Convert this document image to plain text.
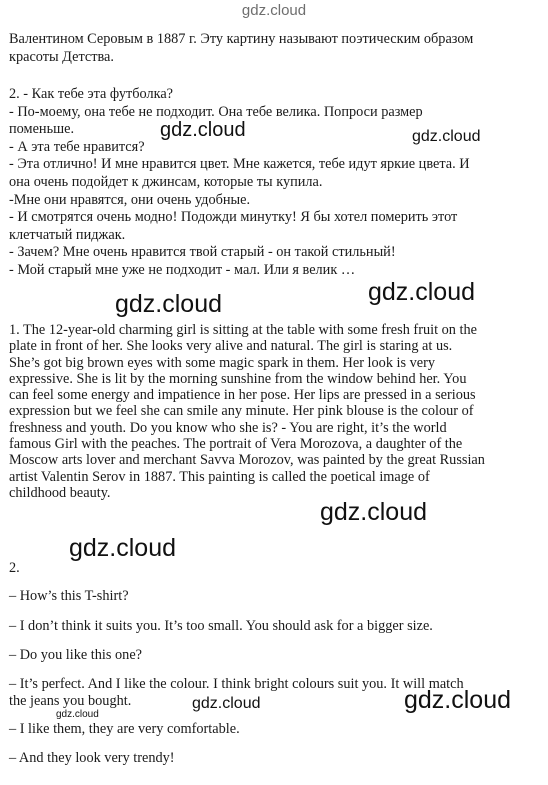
gdz.cloud
Валентином Серовым в 1887 г. Эту картину называют поэтическим образом
красоты Детства.
2. - Как тебе эта футболка?
- По-моему, она тебе не подходит. Она тебе велика. Попроси размер
поменьше.
- А эта тебе нравится?
- Эта отлично! И мне нравится цвет. Мне кажется, тебе идут яркие цвета. И
она очень подойдет к джинсам, которые ты купила.
-Мне они нравятся, они очень удобные.
- И смотрятся очень модно! Подожди минутку! Я бы хотел померить этот
клетчатый пиджак.
- Зачем? Мне очень нравится твой старый - он такой стильный!
- Мой старый мне уже не подходит - мал. Или я велик …
1. The 12-year-old charming girl is sitting at the table with some fresh fruit on the
plate in front of her. She looks very alive and natural. The girl is staring at us.
She’s got big brown eyes with some magic spark in them. Her look is very
expressive. She is lit by the morning sunshine from the window behind her. You
can feel some energy and impatience in her pose. Her lips are pressed in a serious
expression but we feel she can smile any minute. Her pink blouse is the colour of
freshness and youth. Do you know who she is? - You are right, it’s the world
famous Girl with the peaches. The portrait of Vera Morozova, a daughter of the
Moscow arts lover and merchant Savva Morozov, was painted by the great Russian
artist Valentin Serov in 1887. This painting is called the poetical image of
childhood beauty.
2.
– How’s this T-shirt?
– I don’t think it suits you. It’s too small. You should ask for a bigger size.
– Do you like this one?
– It’s perfect. And I like the colour. I think bright colours suit you. It will match
the jeans you bought.
– I like them, they are very comfortable.
– And they look very trendy!
gdz.cloud	gdz.cloud
gdz.cloud	gdz.cloud
gdz.cloud
gdz.cloud
gdz.cloud	gdz.cloud
gdz.cloud
